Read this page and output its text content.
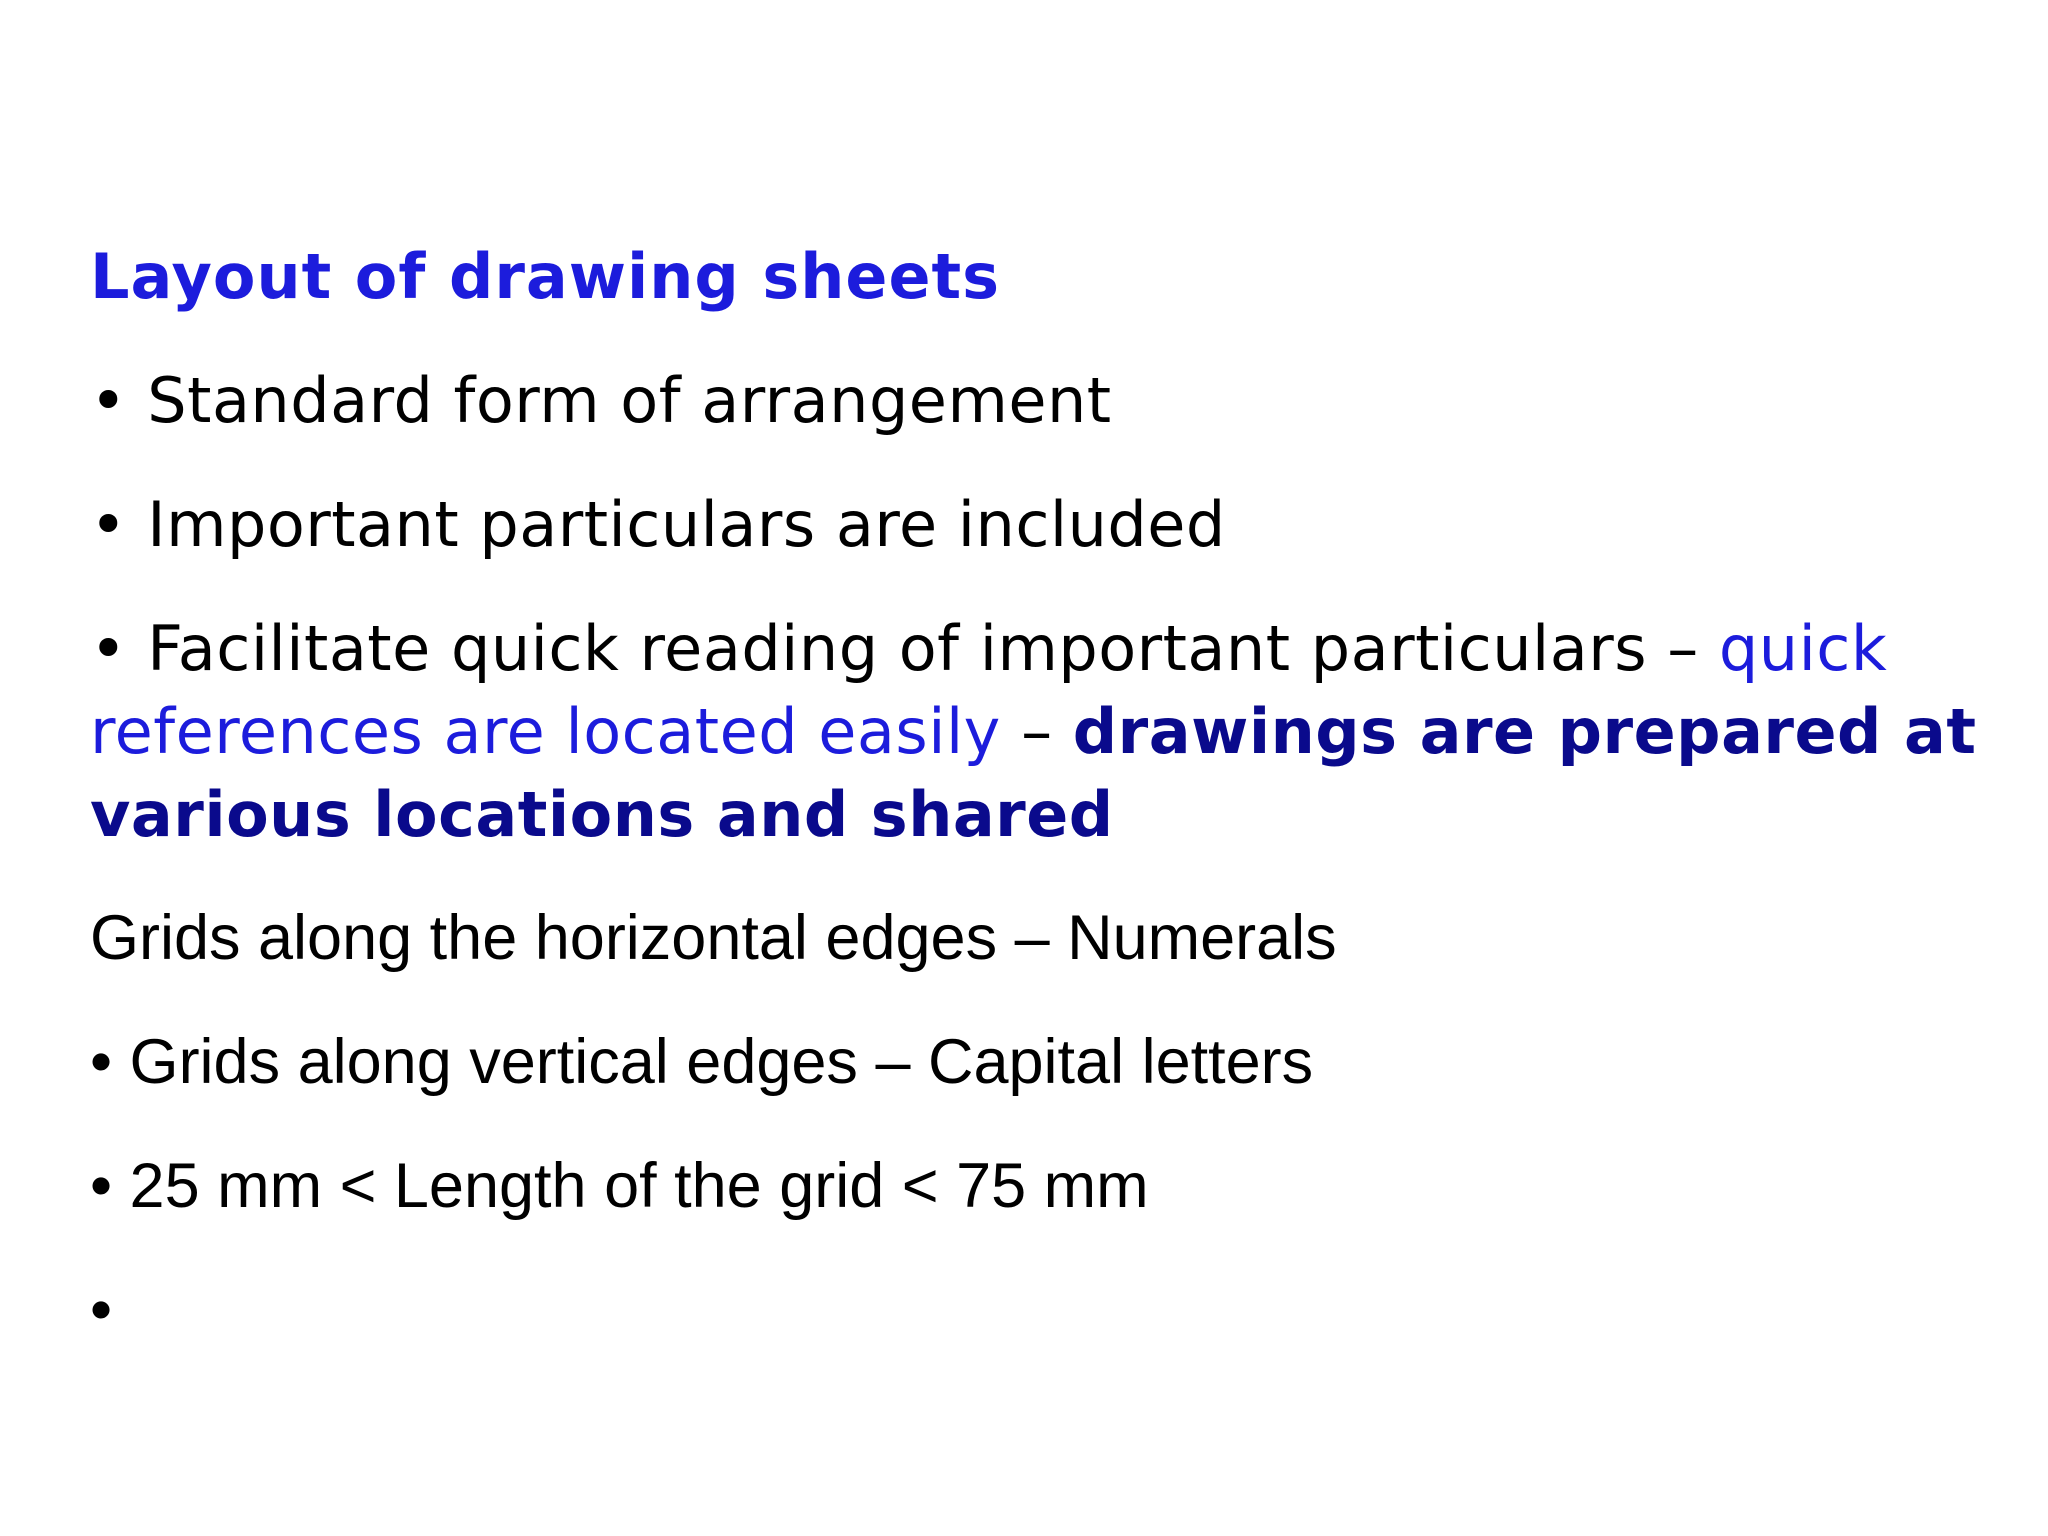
Layout of drawing sheets

• Standard form of arrangement

• Important particulars are included

• Facilitate quick reading of important particulars – quick

references are located easily – drawings are prepared at

various locations and shared

Grids along the horizontal edges – Numerals

• Grids along vertical edges – Capital letters

• 25 mm < Length of the grid < 75 mm

•
